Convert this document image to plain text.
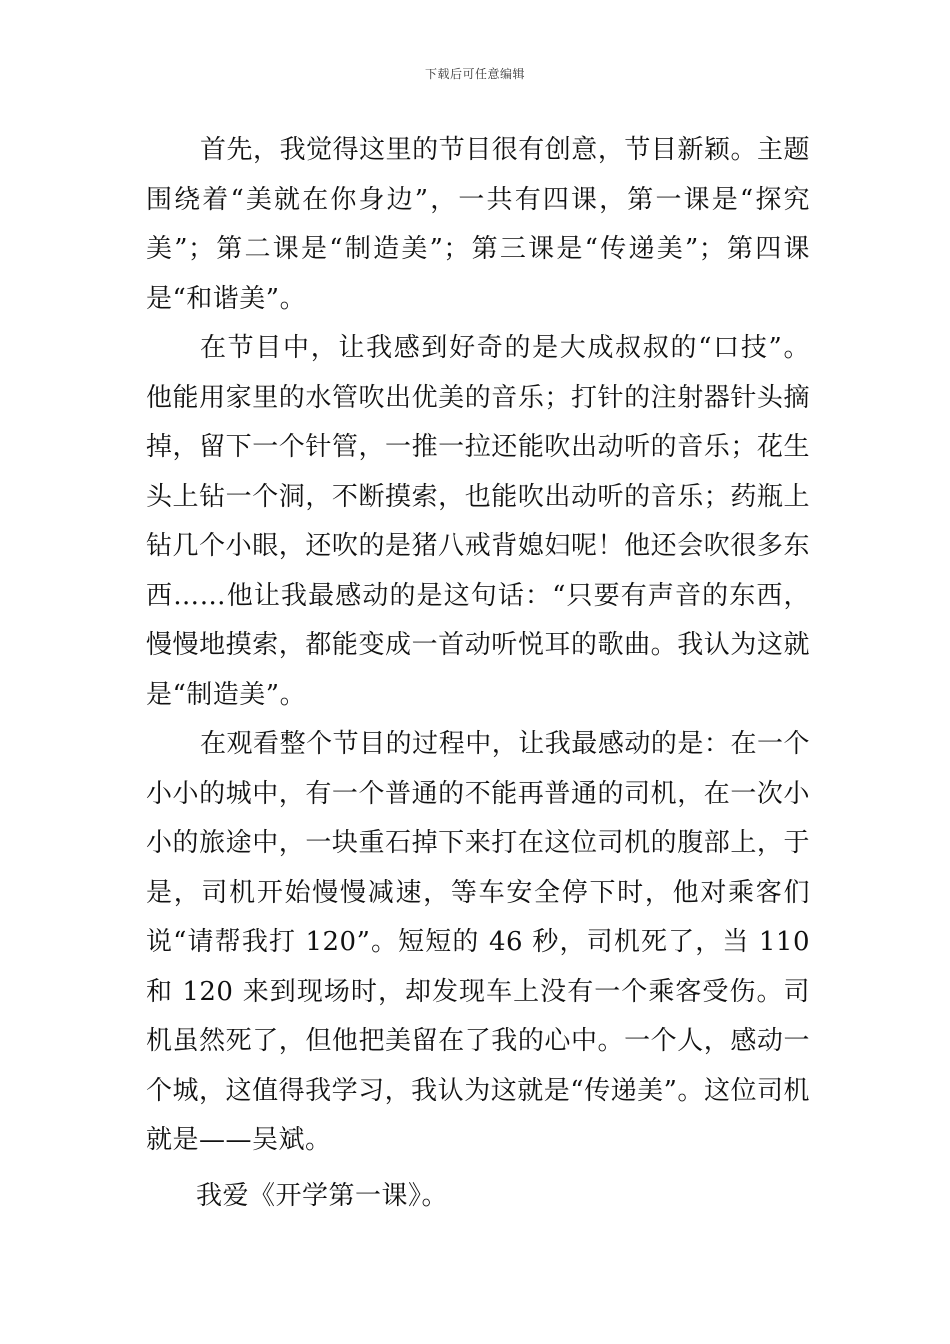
下载后可任意编辑

首先，我觉得这里的节目很有创意，节目新颖。主题围绕着“美就在你身边”，一共有四课，第一课是“探究美”；第二课是“制造美”；第三课是“传递美”；第四课是“和谐美”。

在节目中，让我感到好奇的是大成叔叔的“口技”。他能用家里的水管吹出优美的音乐；打针的注射器针头摘掉，留下一个针管，一推一拉还能吹出动听的音乐；花生头上钻一个洞，不断摸索，也能吹出动听的音乐；药瓶上钻几个小眼，还吹的是猪八戒背媳妇呢！他还会吹很多东西……他让我最感动的是这句话：“只要有声音的东西，慢慢地摸索，都能变成一首动听悦耳的歌曲。我认为这就是“制造美”。

在观看整个节目的过程中，让我最感动的是：在一个小小的城中，有一个普通的不能再普通的司机，在一次小小的旅途中，一块重石掉下来打在这位司机的腹部上，于是，司机开始慢慢减速，等车安全停下时，他对乘客们说“请帮我打 120”。短短的 46 秒，司机死了，当 110 和 120 来到现场时，却发现车上没有一个乘客受伤。司机虽然死了，但他把美留在了我的心中。一个人，感动一个城，这值得我学习，我认为这就是“传递美”。这位司机就是——吴斌。

我爱《开学第一课》。
